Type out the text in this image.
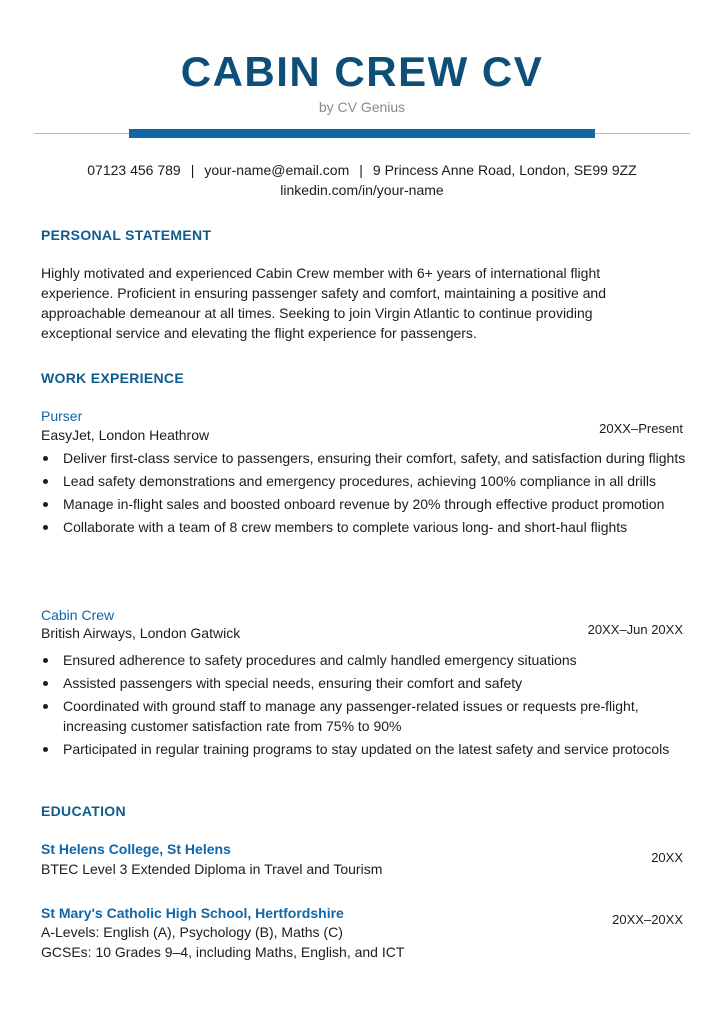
CABIN CREW CV
by CV Genius
07123 456 789 | your-name@email.com | 9 Princess Anne Road, London, SE99 9ZZ
linkedin.com/in/your-name
PERSONAL STATEMENT
Highly motivated and experienced Cabin Crew member with 6+ years of international flight experience. Proficient in ensuring passenger safety and comfort, maintaining a positive and approachable demeanour at all times. Seeking to join Virgin Atlantic to continue providing exceptional service and elevating the flight experience for passengers.
WORK EXPERIENCE
Purser
EasyJet, London Heathrow	20XX–Present
Deliver first-class service to passengers, ensuring their comfort, safety, and satisfaction during flights
Lead safety demonstrations and emergency procedures, achieving 100% compliance in all drills
Manage in-flight sales and boosted onboard revenue by 20% through effective product promotion
Collaborate with a team of 8 crew members to complete various long- and short-haul flights
Cabin Crew
British Airways, London Gatwick	20XX–Jun 20XX
Ensured adherence to safety procedures and calmly handled emergency situations
Assisted passengers with special needs, ensuring their comfort and safety
Coordinated with ground staff to manage any passenger-related issues or requests pre-flight, increasing customer satisfaction rate from 75% to 90%
Participated in regular training programs to stay updated on the latest safety and service protocols
EDUCATION
St Helens College, St Helens
BTEC Level 3 Extended Diploma in Travel and Tourism
20XX
St Mary's Catholic High School, Hertfordshire
A-Levels: English (A), Psychology (B), Maths (C)
GCSEs: 10 Grades 9–4, including Maths, English, and ICT
20XX–20XX
